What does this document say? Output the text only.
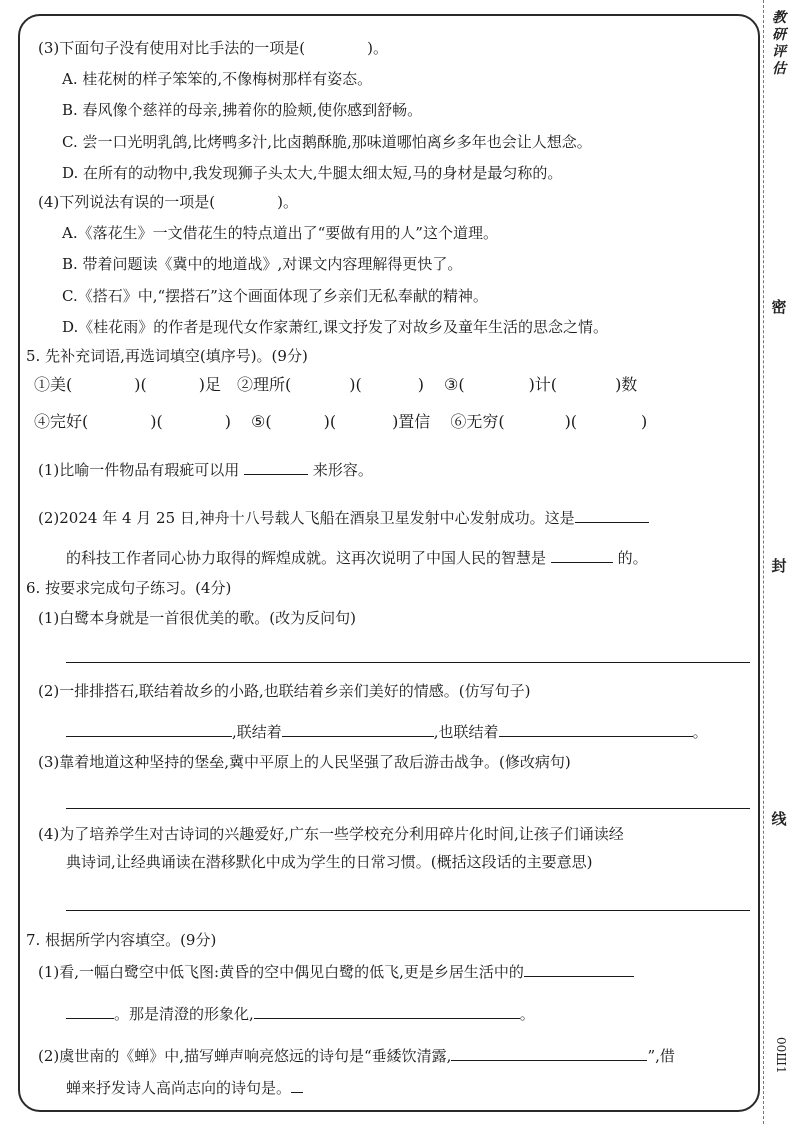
教研评估
密
封
线
00Ш1
(3)下面句子没有使用对比手法的一项是(	)。
A. 桂花树的样子笨笨的,不像梅树那样有姿态。
B. 春风像个慈祥的母亲,拂着你的脸颊,使你感到舒畅。
C. 尝一口光明乳鸽,比烤鸭多汁,比卤鹅酥脆,那味道哪怕离乡多年也会让人想念。
D. 在所有的动物中,我发现狮子头太大,牛腿太细太短,马的身材是最匀称的。
(4)下列说法有误的一项是(	)。
A.《落花生》一文借花生的特点道出了“要做有用的人”这个道理。
B. 带着问题读《冀中的地道战》,对课文内容理解得更快了。
C.《搭石》中,“摆搭石”这个画面体现了乡亲们无私奉献的精神。
D.《桂花雨》的作者是现代女作家萧红,课文抒发了对故乡及童年生活的思念之情。
5. 先补充词语,再选词填空(填序号)。(9分)
①美(	)(	)足 ②理所(	)(	) ③(	)计(	)数
④完好(	)(	) ⑤(	)(	)置信 ⑥无穷(	)(	)
(1)比喻一件物品有瑕疵可以用	来形容。
(2)2024 年 4 月 25 日,神舟十八号载人飞船在酒泉卫星发射中心发射成功。这是
的科技工作者同心协力取得的辉煌成就。这再次说明了中国人民的智慧是	的。
6. 按要求完成句子练习。(4分)
(1)白鹭本身就是一首很优美的歌。(改为反问句)
(2)一排排搭石,联结着故乡的小路,也联结着乡亲们美好的情感。(仿写句子)
,联结着	,也联结着	。
(3)靠着地道这种坚持的堡垒,冀中平原上的人民坚强了敌后游击战争。(修改病句)
(4)为了培养学生对古诗词的兴趣爱好,广东一些学校充分利用碎片化时间,让孩子们诵读经
典诗词,让经典诵读在潜移默化中成为学生的日常习惯。(概括这段话的主要意思)
7. 根据所学内容填空。(9分)
(1)看,一幅白鹭空中低飞图:黄昏的空中偶见白鹭的低飞,更是乡居生活中的
。那是清澄的形象化,	。
(2)虞世南的《蝉》中,描写蝉声响亮悠远的诗句是“垂緌饮清露,	”,借
蝉来抒发诗人高尚志向的诗句是。
